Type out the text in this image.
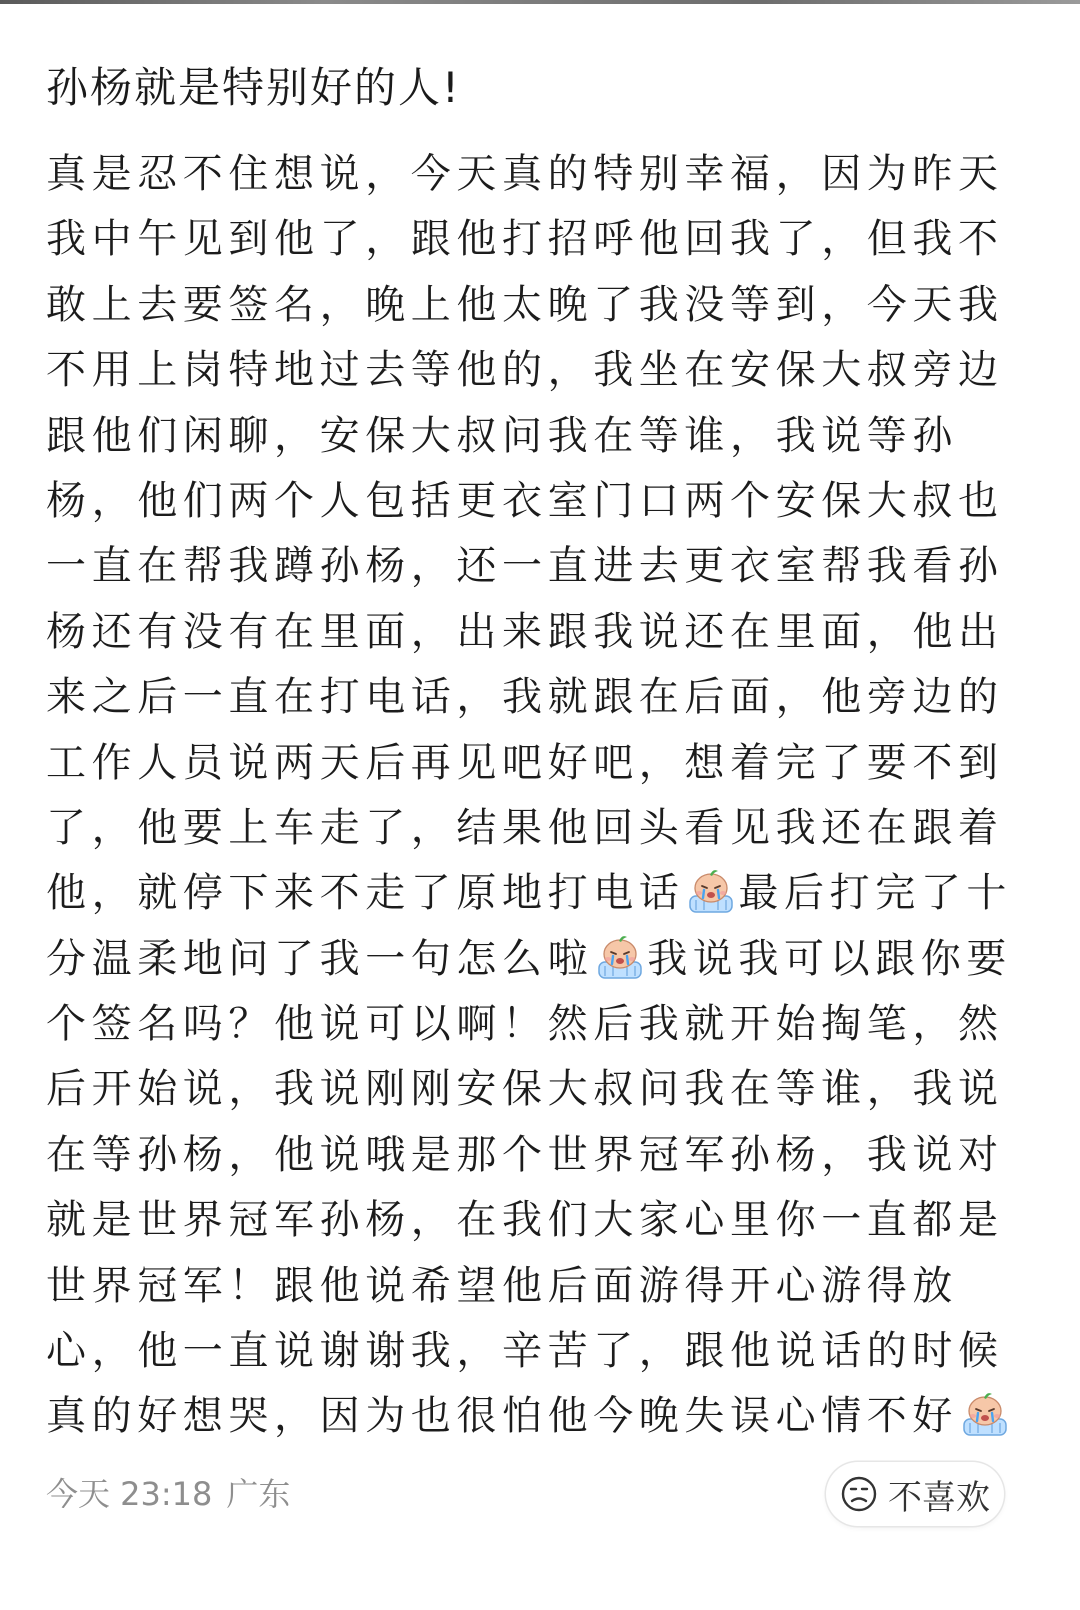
孙杨就是特别好的人!
真是忍不住想说，今天真的特别幸福，因为昨天
我中午见到他了，跟他打招呼他回我了，但我不
敢上去要签名，晚上他太晚了我没等到，今天我
不用上岗特地过去等他的，我坐在安保大叔旁边
跟他们闲聊，安保大叔问我在等谁，我说等孙
杨，他们两个人包括更衣室门口两个安保大叔也
一直在帮我蹲孙杨，还一直进去更衣室帮我看孙
杨还有没有在里面，出来跟我说还在里面，他出
来之后一直在打电话，我就跟在后面，他旁边的
工作人员说两天后再见吧好吧，想着完了要不到
了，他要上车走了，结果他回头看见我还在跟着
他，就停下来不走了原地打电话 最后打完了十
分温柔地问了我一句怎么啦 我说我可以跟你要
个签名吗？他说可以啊！然后我就开始掏笔，然
后开始说，我说刚刚安保大叔问我在等谁，我说
在等孙杨，他说哦是那个世界冠军孙杨，我说对
就是世界冠军孙杨，在我们大家心里你一直都是
世界冠军！跟他说希望他后面游得开心游得放
心，他一直说谢谢我，辛苦了，跟他说话的时候
真的好想哭，因为也很怕他今晚失误心情不好
今天 23:18 广东	不喜欢
